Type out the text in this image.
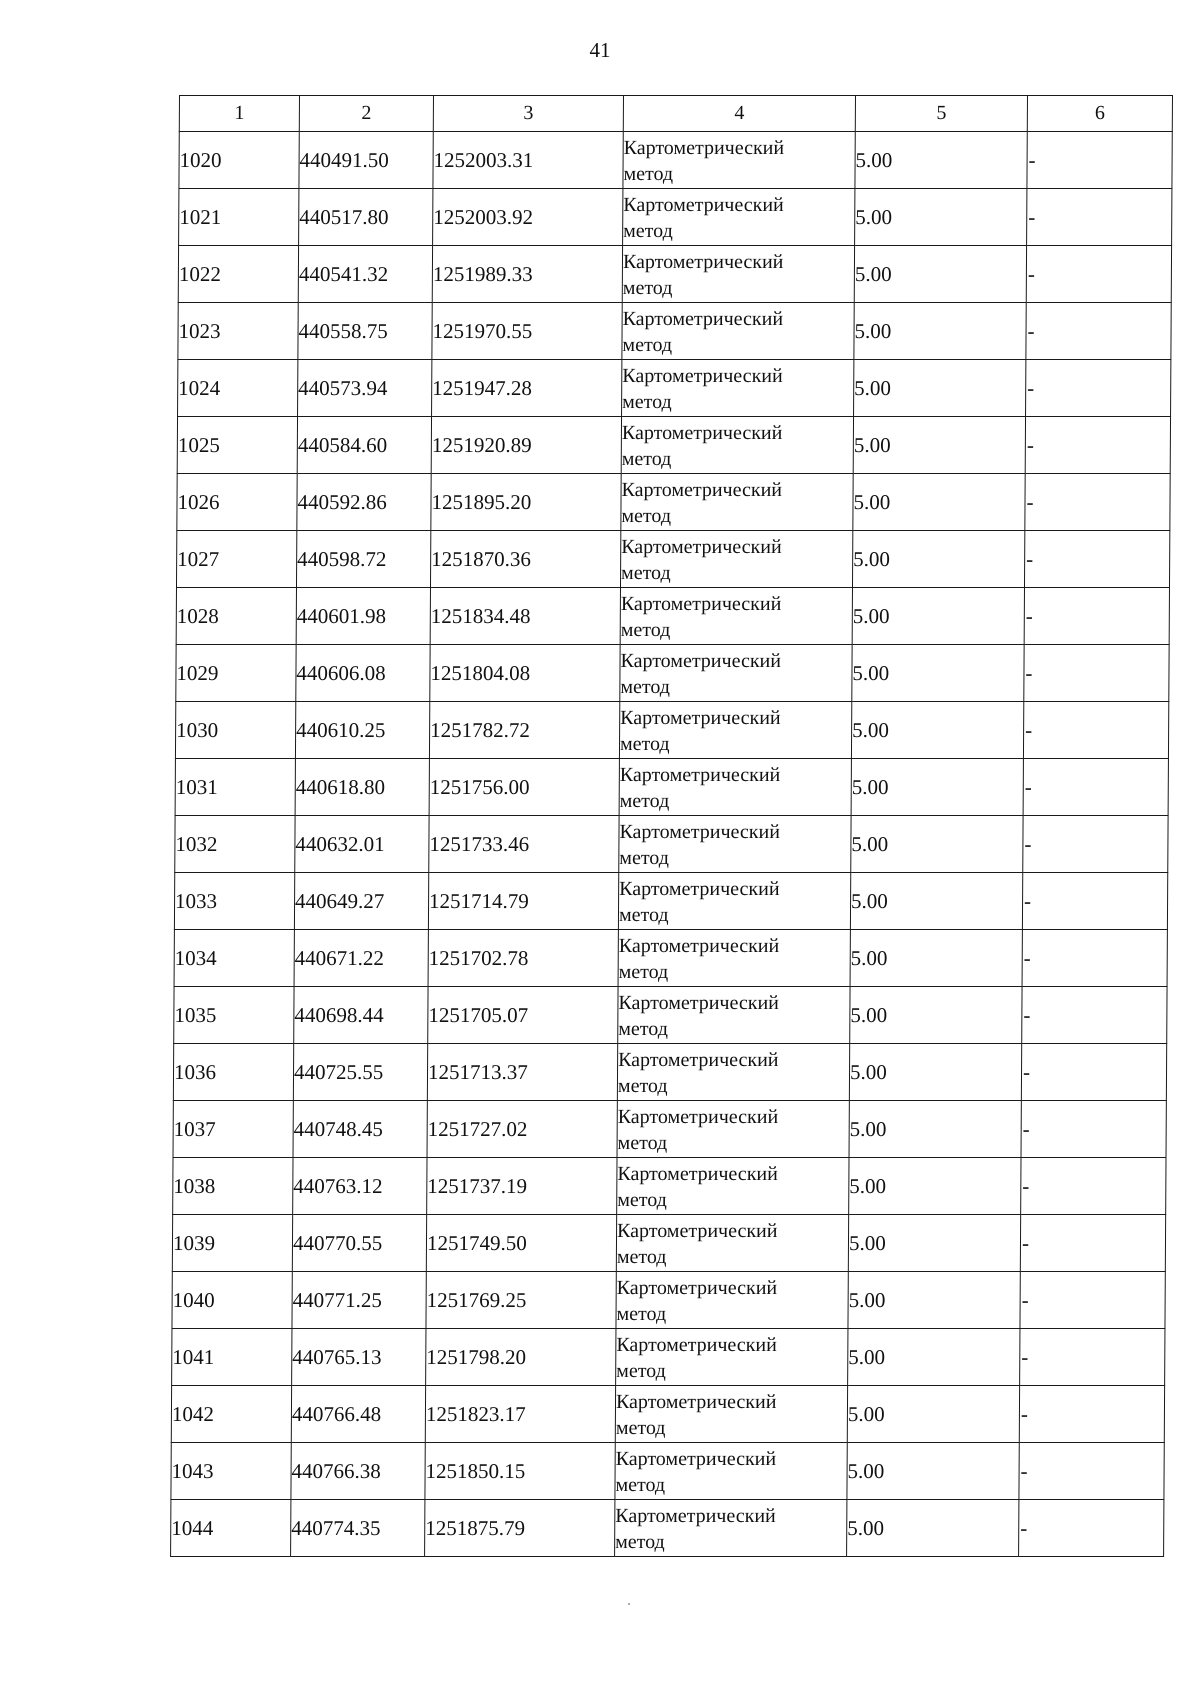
41
1	2	3	4	5	6
1020	440491.50	1252003.31	Картометрический
метод	5.00	-
1021	440517.80	1252003.92	Картометрический
метод	5.00	-
1022	440541.32	1251989.33	Картометрический
метод	5.00	-
1023	440558.75	1251970.55	Картометрический
метод	5.00	-
1024	440573.94	1251947.28	Картометрический
метод	5.00	-
1025	440584.60	1251920.89	Картометрический
метод	5.00	-
1026	440592.86	1251895.20	Картометрический
метод	5.00	-
1027	440598.72	1251870.36	Картометрический
метод	5.00	-
1028	440601.98	1251834.48	Картометрический
метод	5.00	-
1029	440606.08	1251804.08	Картометрический
метод	5.00	-
1030	440610.25	1251782.72	Картометрический
метод	5.00	-
1031	440618.80	1251756.00	Картометрический
метод	5.00	-
1032	440632.01	1251733.46	Картометрический
метод	5.00	-
1033	440649.27	1251714.79	Картометрический
метод	5.00	-
1034	440671.22	1251702.78	Картометрический
метод	5.00	-
1035	440698.44	1251705.07	Картометрический
метод	5.00	-
1036	440725.55	1251713.37	Картометрический
метод	5.00	-
1037	440748.45	1251727.02	Картометрический
метод	5.00	-
1038	440763.12	1251737.19	Картометрический
метод	5.00	-
1039	440770.55	1251749.50	Картометрический
метод	5.00	-
1040	440771.25	1251769.25	Картометрический
метод	5.00	-
1041	440765.13	1251798.20	Картометрический
метод	5.00	-
1042	440766.48	1251823.17	Картометрический
метод	5.00	-
1043	440766.38	1251850.15	Картометрический
метод	5.00	-
1044	440774.35	1251875.79	Картометрический
метод	5.00	-
